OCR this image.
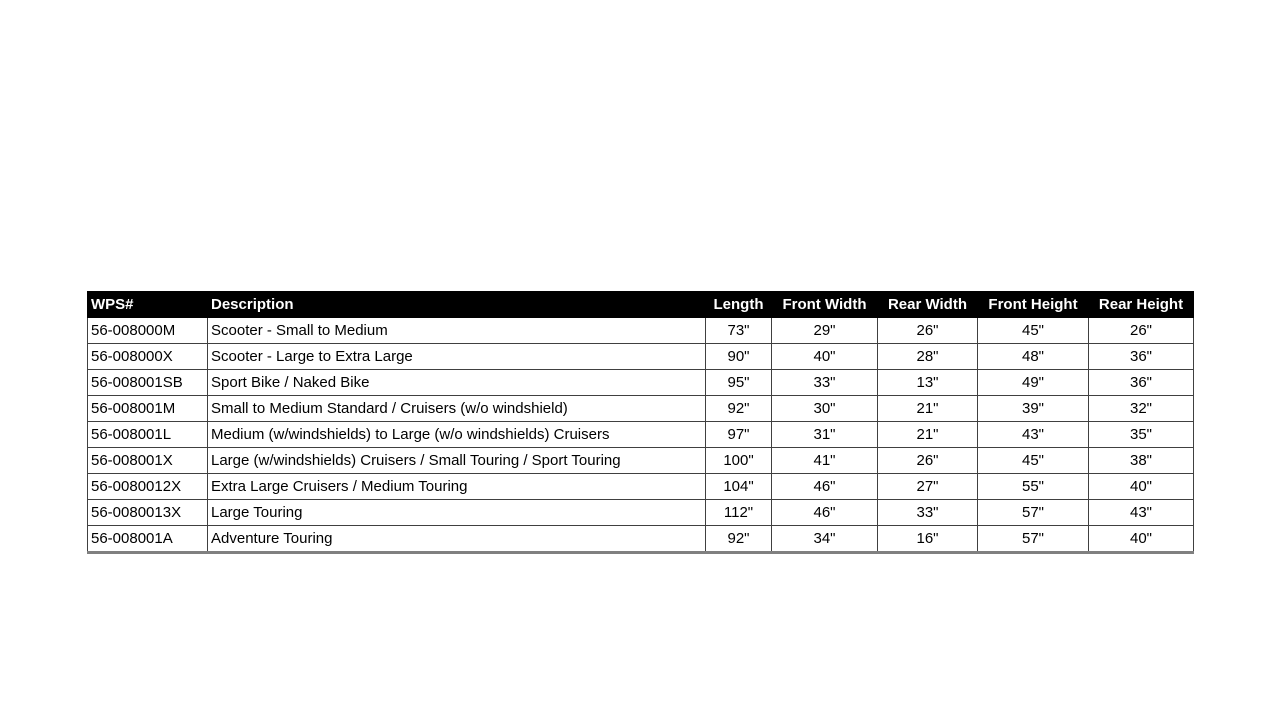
WPS#	Description	Length	Front Width	Rear Width	Front Height	Rear Height
56-008000M	Scooter - Small to Medium	73"	29"	26"	45"	26"
56-008000X	Scooter - Large to Extra Large	90"	40"	28"	48"	36"
56-008001SB	Sport Bike / Naked Bike	95"	33"	13"	49"	36"
56-008001M	Small to Medium Standard / Cruisers (w/o windshield)	92"	30"	21"	39"	32"
56-008001L	Medium (w/windshields) to Large (w/o windshields) Cruisers	97"	31"	21"	43"	35"
56-008001X	Large (w/windshields) Cruisers / Small Touring / Sport Touring	100"	41"	26"	45"	38"
56-0080012X	Extra Large Cruisers / Medium Touring	104"	46"	27"	55"	40"
56-0080013X	Large Touring	112"	46"	33"	57"	43"
56-008001A	Adventure Touring	92"	34"	16"	57"	40"
